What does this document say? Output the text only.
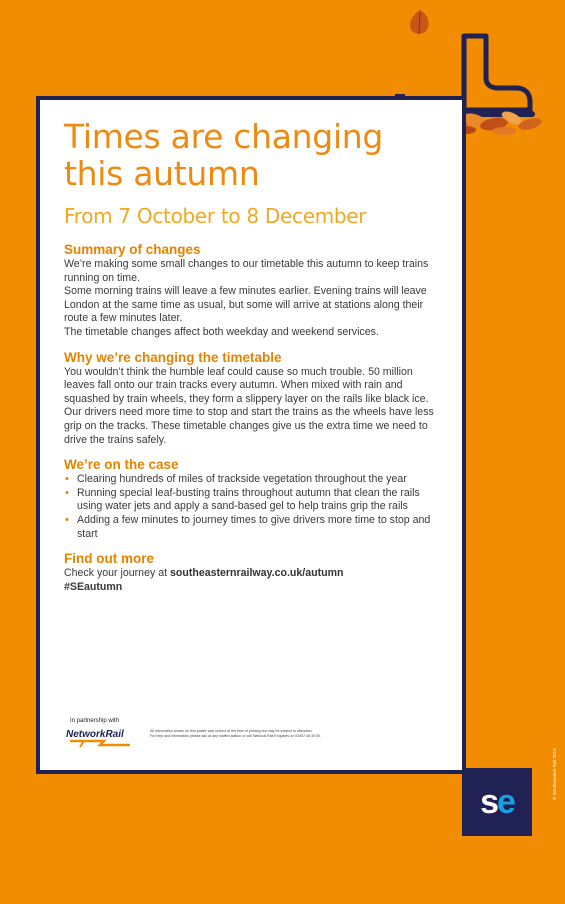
Times are changing
this autumn
From 7 October to 8 December
Summary of changes

We’re making some small changes to our timetable this autumn to keep trains running on time.

Some morning trains will leave a few minutes earlier. Evening trains will leave London at the same time as usual, but some will arrive at stations along their route a few minutes later.

The timetable changes affect both weekday and weekend services.

Why we’re changing the timetable

You wouldn’t think the humble leaf could cause so much trouble. 50 million leaves fall onto our train tracks every autumn. When mixed with rain and squashed by train wheels, they form a slippery layer on the rails like black ice. Our drivers need more time to stop and start the trains as the wheels have less grip on the tracks. These timetable changes give us the extra time we need to drive the trains safely.

We’re on the case
• Clearing hundreds of miles of trackside vegetation throughout the year
• Running special leaf-busting trains throughout autumn that clean the rails using water jets and apply a sand-based gel to help trains grip the rails
• Adding a few minutes to journey times to give drivers more time to stop and start
Find out more

Check your journey at southeasternrailway.co.uk/autumn

#SEautumn

In partnership with

NetworkRail	All information shown on this poster was correct at the time of printing but may be subject to alteration.

For help and information please ask at any staffed station or call National Rail Enquiries on 03457 48 49 50.

se
© Southeastern Rail 2019
